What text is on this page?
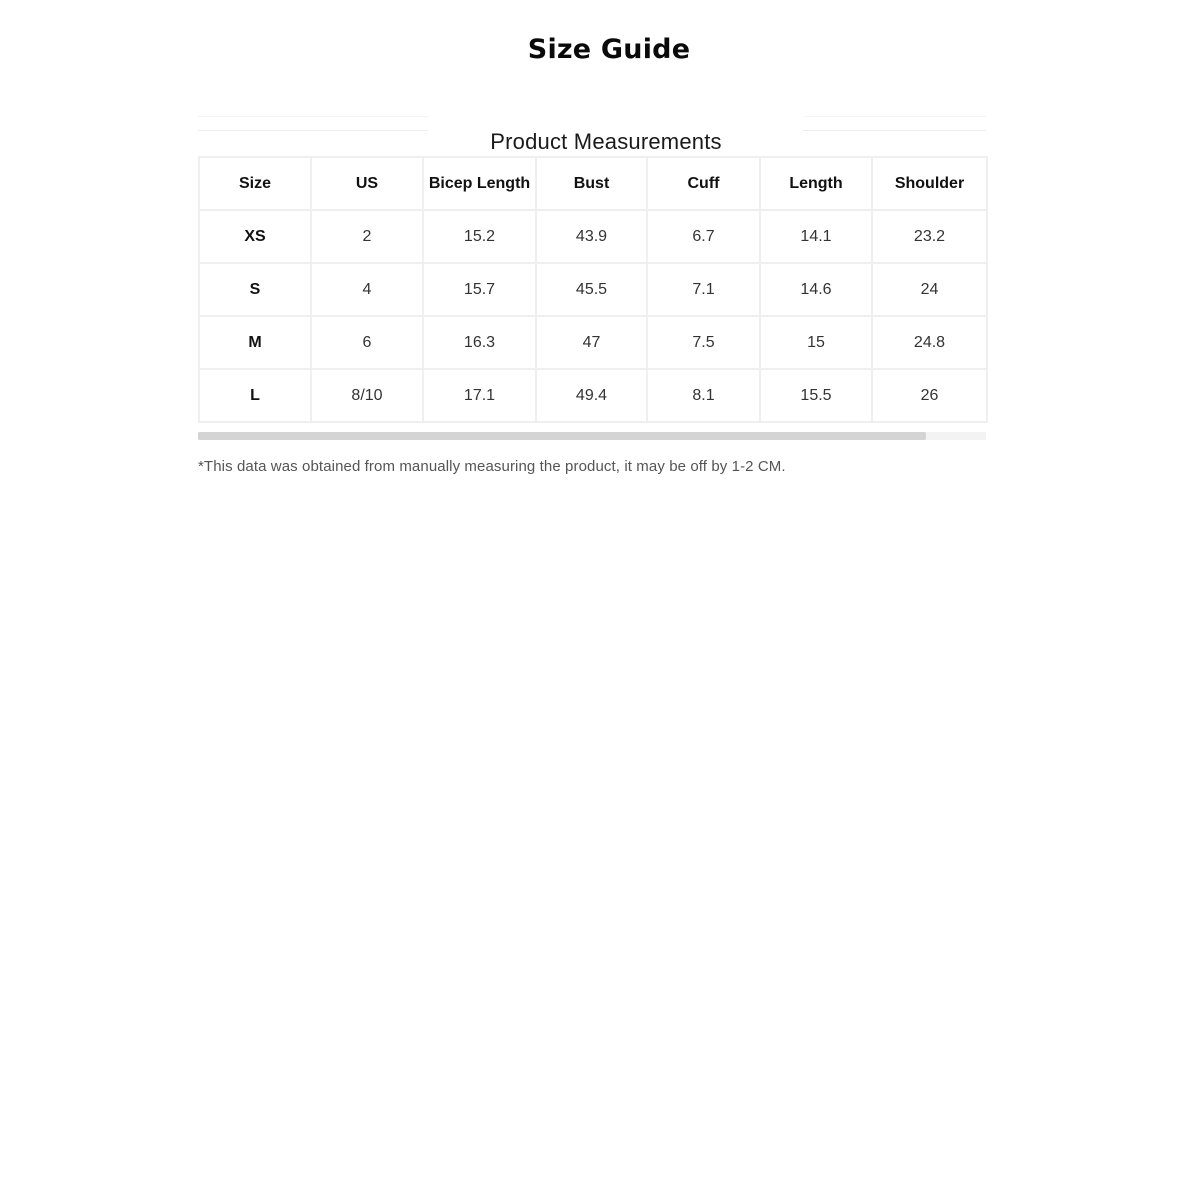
Size Guide
Product Measurements
Size	US	Bicep Length	Bust	Cuff	Length	Shoulder
XS	2	15.2	43.9	6.7	14.1	23.2
S	4	15.7	45.5	7.1	14.6	24
M	6	16.3	47	7.5	15	24.8
L	8/10	17.1	49.4	8.1	15.5	26
*This data was obtained from manually measuring the product, it may be off by 1-2 CM.
